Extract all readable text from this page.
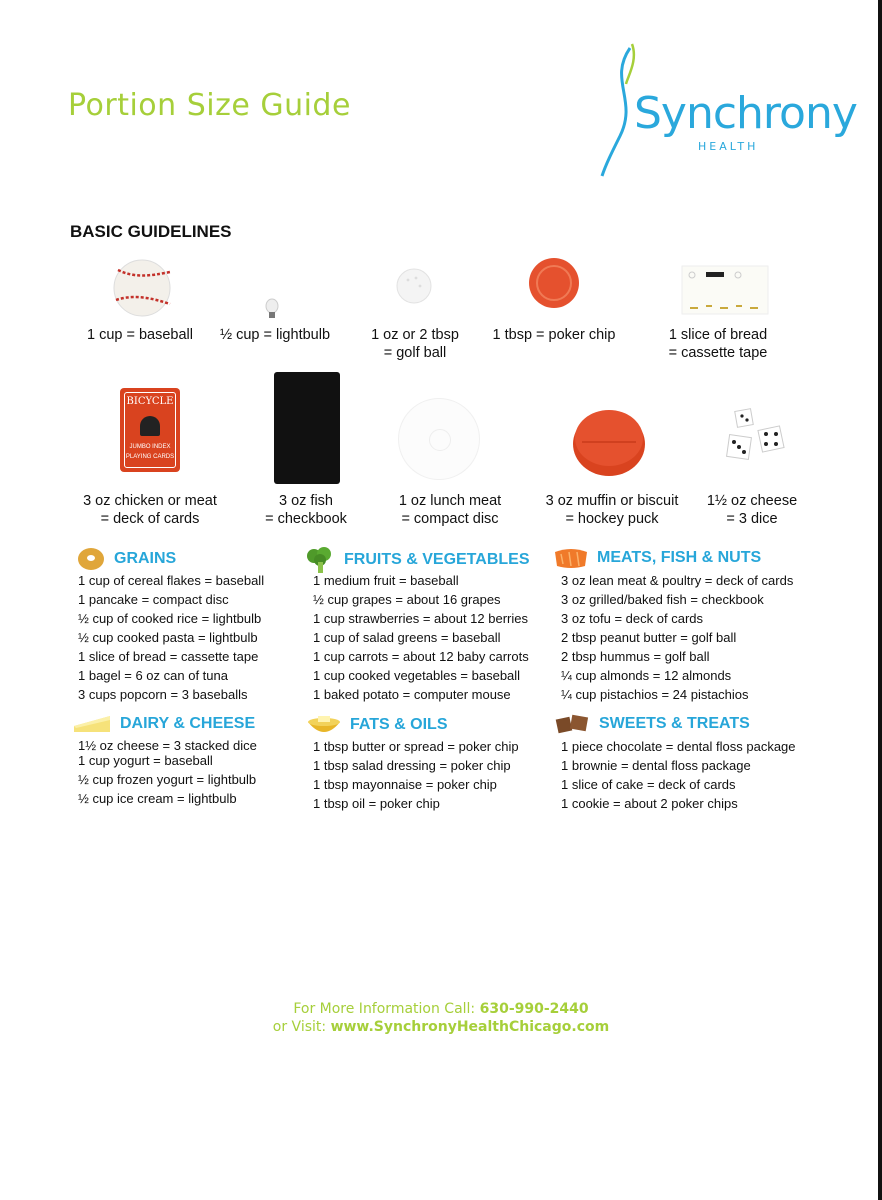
Portion Size Guide	Synchrony
HEALTH
BASIC GUIDELINES
1 cup = baseball	½ cup = lightbulb	1 oz or 2 tbsp
= golf ball
1 tbsp = poker chip	1 slice of bread
= cassette tape
BICYCLE
JUMBO INDEX
PLAYING CARDS
3 oz chicken or meat
= deck of cards
3 oz fish
= checkbook
1 oz lunch meat
= compact disc
3 oz muffin or biscuit
= hockey puck
1½ oz cheese
= 3 dice
GRAINS
1 cup of cereal flakes = baseball
1 pancake = compact disc
½ cup of cooked rice = lightbulb
½ cup cooked pasta = lightbulb
1 slice of bread = cassette tape
1 bagel = 6 oz can of tuna
3 cups popcorn = 3 baseballs
FRUITS & VEGETABLES
1 medium fruit = baseball
½ cup grapes = about 16 grapes
1 cup strawberries = about 12 berries
1 cup of salad greens = baseball
1 cup carrots = about 12 baby carrots
1 cup cooked vegetables = baseball
1 baked potato = computer mouse
MEATS, FISH & NUTS
3 oz lean meat & poultry = deck of cards
3 oz grilled/baked fish = checkbook
3 oz tofu = deck of cards
2 tbsp peanut butter = golf ball
2 tbsp hummus = golf ball
¼ cup almonds = 12 almonds
¼ cup pistachios = 24 pistachios
DAIRY & CHEESE
1½ oz cheese = 3 stacked dice
1 cup yogurt = baseball
½ cup frozen yogurt = lightbulb
½ cup ice cream = lightbulb
FATS & OILS
1 tbsp butter or spread = poker chip
1 tbsp salad dressing = poker chip
1 tbsp mayonnaise = poker chip
1 tbsp oil = poker chip
SWEETS & TREATS
1 piece chocolate = dental floss package
1 brownie = dental floss package
1 slice of cake = deck of cards
1 cookie = about 2 poker chips
For More Information Call: 630-990-2440
or Visit: www.SynchronyHealthChicago.com
